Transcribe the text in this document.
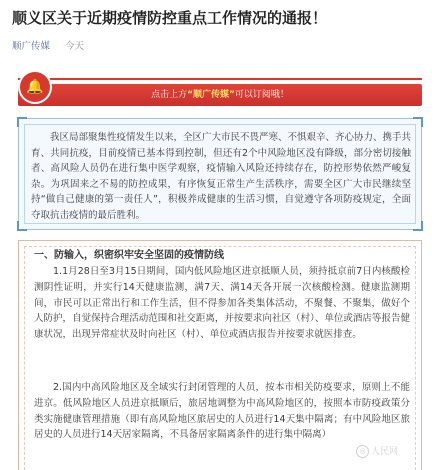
顺义区关于近期疫情防控重点工作情况的通报！
顺广传媒 今天
点击上方“顺广传媒”可以订阅哦！
🔔

我区局部聚集性疫情发生以来，全区广大市民不畏严寒、不惧艰辛、齐心协力、携手共育、共同抗疫，目前疫情已基本得到控制，但还有2个中风险地区没有降级，部分密切接触者、高风险人员仍在进行集中医学观察，疫情输入风险还持续存在，防控形势依然严峻复杂。为巩固来之不易的防控成果，有序恢复正常生产生活秩序，需要全区广大市民继续坚持“做自己健康的第一责任人”，积极养成健康的生活习惯，自觉遵守各项防疫规定，全面夺取抗击疫情的最后胜利。

一、防输入，织密织牢安全坚固的疫情防线

1.1月28日至3月15日期间，国内低风险地区进京抵顺人员，须持抵京前7日内核酸检测阴性证明，并实行14天健康监测，满7天、满14天各开展一次核酸检测。健康监测期间，市民可以正常出行和工作生活，但不得参加各类集体活动，不聚餐、不聚集，做好个人防护，自觉保持合理活动范围和社交距离，并按要求向社区（村）、单位或酒店等报告健康状况，出现异常症状及时向社区（村）、单位或酒店报告并按要求就医排查。

2.国内中高风险地区及全域实行封闭管理的人员，按本市相关防疫要求，原则上不能进京。低风险地区人员进京抵顺后，旅居地调整为中高风险地区的，按照本市防疫政策分类实施健康管理措施（即有高风险地区旅居史的人员进行14天集中隔离；有中风险地区旅居史的人员进行14天居家隔离，不具备居家隔离条件的进行集中隔离）

◎ 人民网
